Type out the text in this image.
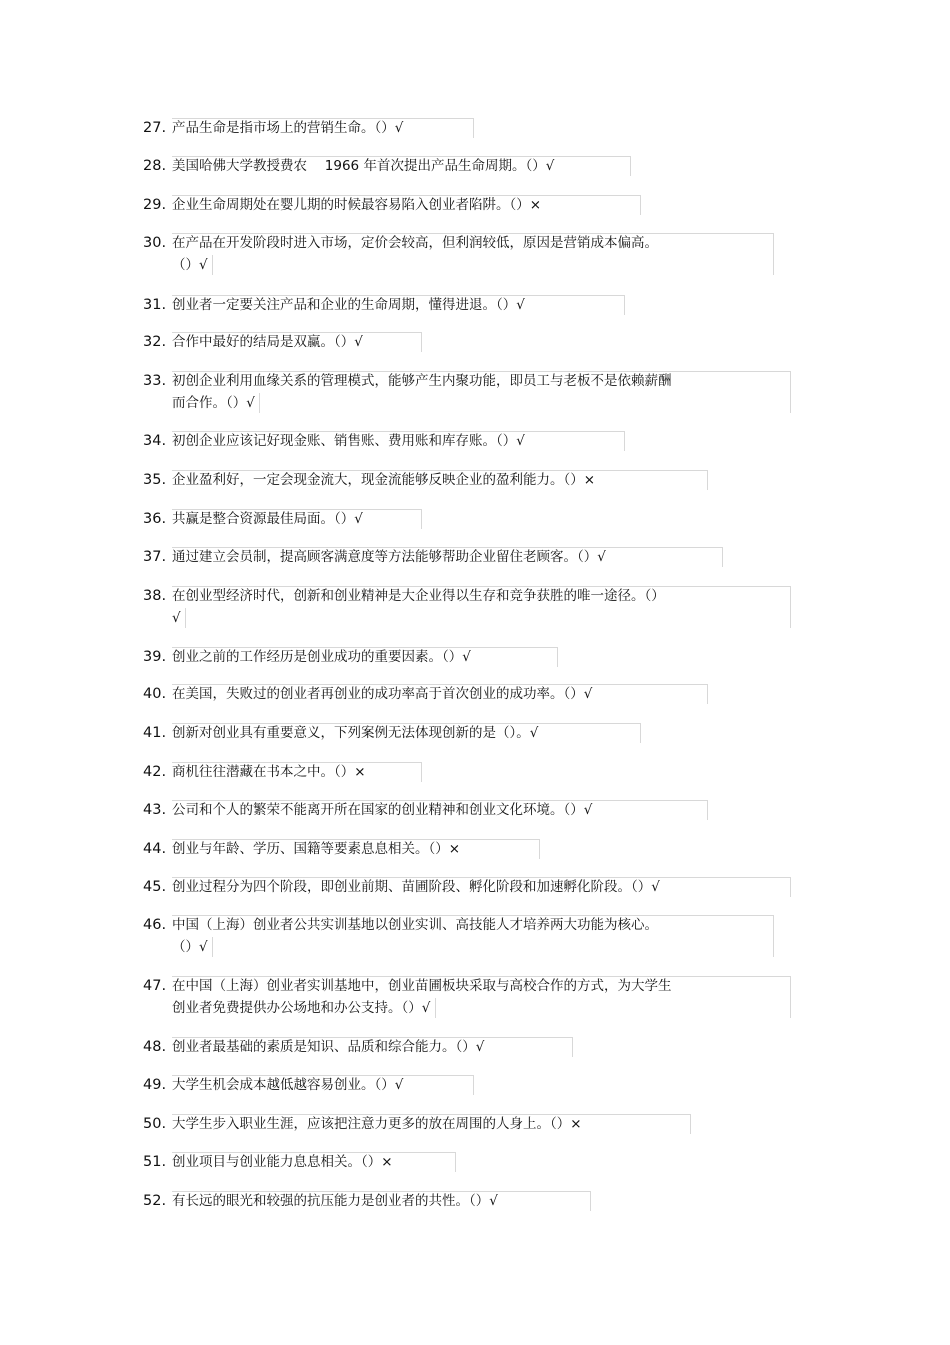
27. 产品生命是指市场上的营销生命。（）√
28. 美国哈佛大学教授费农　 1966 年首次提出产品生命周期。（）√
29. 企业生命周期处在婴儿期的时候最容易陷入创业者陷阱。（）×
30. 在产品在开发阶段时进入市场，定价会较高，但利润较低，原因是营销成本偏高。
（）√
31. 创业者一定要关注产品和企业的生命周期，懂得进退。（）√
32. 合作中最好的结局是双赢。（）√
33. 初创企业利用血缘关系的管理模式，能够产生内聚功能，即员工与老板不是依赖薪酬
而合作。（）√
34. 初创企业应该记好现金账、销售账、费用账和库存账。（）√
35. 企业盈利好，一定会现金流大，现金流能够反映企业的盈利能力。（）×
36. 共赢是整合资源最佳局面。（）√
37. 通过建立会员制，提高顾客满意度等方法能够帮助企业留住老顾客。（）√
38. 在创业型经济时代，创新和创业精神是大企业得以生存和竞争获胜的唯一途径。（）
√
39. 创业之前的工作经历是创业成功的重要因素。（）√
40. 在美国，失败过的创业者再创业的成功率高于首次创业的成功率。（）√
41. 创新对创业具有重要意义，下列案例无法体现创新的是（）。√
42. 商机往往潜藏在书本之中。（）×
43. 公司和个人的繁荣不能离开所在国家的创业精神和创业文化环境。（）√
44. 创业与年龄、学历、国籍等要素息息相关。（）×
45. 创业过程分为四个阶段，即创业前期、苗圃阶段、孵化阶段和加速孵化阶段。（）√
46. 中国（上海）创业者公共实训基地以创业实训、高技能人才培养两大功能为核心。
（）√
47. 在中国（上海）创业者实训基地中，创业苗圃板块采取与高校合作的方式，为大学生
创业者免费提供办公场地和办公支持。（）√
48. 创业者最基础的素质是知识、品质和综合能力。（）√
49. 大学生机会成本越低越容易创业。（）√
50. 大学生步入职业生涯，应该把注意力更多的放在周围的人身上。（）×
51. 创业项目与创业能力息息相关。（）×
52. 有长远的眼光和较强的抗压能力是创业者的共性。（）√
